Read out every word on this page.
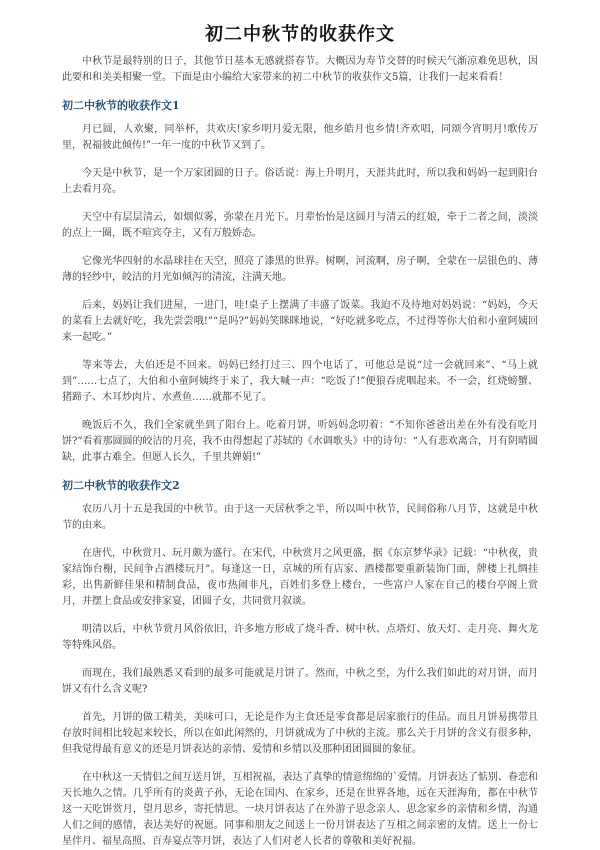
初二中秋节的收获作文

中秋节是最特别的日子，其他节日基本无感就搭春节。大概因为寿节交替的时候天气渐凉难免思秋，因此要和和美美相聚一堂。下面是由小编给大家带来的初二中秋节的收获作文5篇，让我们一起来看看！

初二中秋节的收获作文1

月已圆，人欢聚，同举杯，共欢庆!家乡明月爱无限，他乡皓月也乡情!齐欢唱，同颂今宵明月!歌传万里，祝福彼此倾传!”一年一度的中秋节又到了。

今天是中秋节，是一个万家团圆的日子。俗话说：海上升明月，天涯共此时，所以我和妈妈一起到阳台上去看月亮。

天空中有层层清云，如烟似雾，弥蒙在月光下。月辈怡怡是这圆月与清云的红娘，牵于二者之间，淡淡的点上一圈，既不喧宾夺主，又有万般娇态。

它像光华四射的水晶球挂在天空，照亮了漆黑的世界。树啊，河流啊，房子啊，全蒙在一层银色的、薄薄的轻纱中，皎洁的月光如倾泻的清流，注满天地。

后来，妈妈让我们进屋，一进门，哇!桌子上摆满了丰盛了饭菜。我迫不及待地对妈妈说：“妈妈，今天的菜看上去就好吃，我先尝尝哦!”“是吗?”妈妈笑眯眯地说，“好吃就多吃点，不过得等你大伯和小童阿姨回来一起吃。”

等来等去，大伯还是不回来。妈妈已经打过三、四个电话了，可他总是说“过一会就回来”、“马上就到”……七点了，大伯和小童阿姨终于来了，我大喊一声：“吃饭了!”便狼吞虎咽起来。不一会，红烧螃蟹、猪蹄子、木耳炒肉片、水煮鱼……就都不见了。

晚饭后不久，我们全家就坐到了阳台上。吃着月饼，听妈妈念叨着：“不知你爸爸出差在外有没有吃月饼?”看着那圆圆的皎洁的月亮，我不由得想起了苏轼的《水调歌头》中的诗句：“人有悲欢离合，月有阴晴圆缺，此事古难全。但愿人长久，千里共婵娟!”

初二中秋节的收获作文2

农历八月十五是我国的中秋节。由于这一天居秋季之半，所以叫中秋节，民间俗称八月节，这就是中秋节的由来。

在唐代，中秋赏月、玩月颇为盛行。在宋代，中秋赏月之风更盛，据《东京梦华录》记载：“中秋夜，贵家结饰台榭，民间争占酒楼玩月”。每逢这一日，京城的所有店家、酒楼都要重新装饰门面，牌楼上扎绸挂彩，出售新鲜佳果和精制食品，夜市热闹非凡，百姓们多登上楼台，一些富户人家在自己的楼台亭阁上赏月，并摆上食品或安排家宴，团圆子女，共同赏月叙谈。

明清以后，中秋节赏月风俗依旧，许多地方形成了烧斗香、树中秋、点塔灯、放天灯、走月亮、舞火龙等特殊风俗。

而现在，我们最熟悉又看到的最多可能就是月饼了。然而，中秋之至，为什么我们如此的对月饼，而月饼又有什么含义呢?

首先，月饼的做工精美，美味可口，无论是作为主食还是零食都是居家旅行的佳品。而且月饼易携带且存放时间相比较起来较长，所以在如此闲然的，月饼就成为了中秋的主流。那么关于月饼的含义有很多种，但我觉得最有意义的还是月饼表达的亲情、爱情和乡情以及那种团团圆圆的象征。

在中秋这一天情侣之间互送月饼，互相祝福，表达了真挚的情意绵绵的`爱情。月饼表达了惦别、眷恋和天长地久之情。几乎所有的炎黄子孙，无论在国内、在家乡，还是在世界各地，远在天涯海角，都在中秋节这一天吃饼赏月，望月思乡，寄托情思。一块月饼表达了在外游子思念亲人、思念家乡的亲情和乡情，沟通人们之间的感情，表达美好的祝愿。同事和朋友之间送上一份月饼表达了互相之间亲密的友情。送上一份七星伴月、福星高照、百寿宴点等月饼，表达了人们对老人长者的尊敬和美好祝福。
